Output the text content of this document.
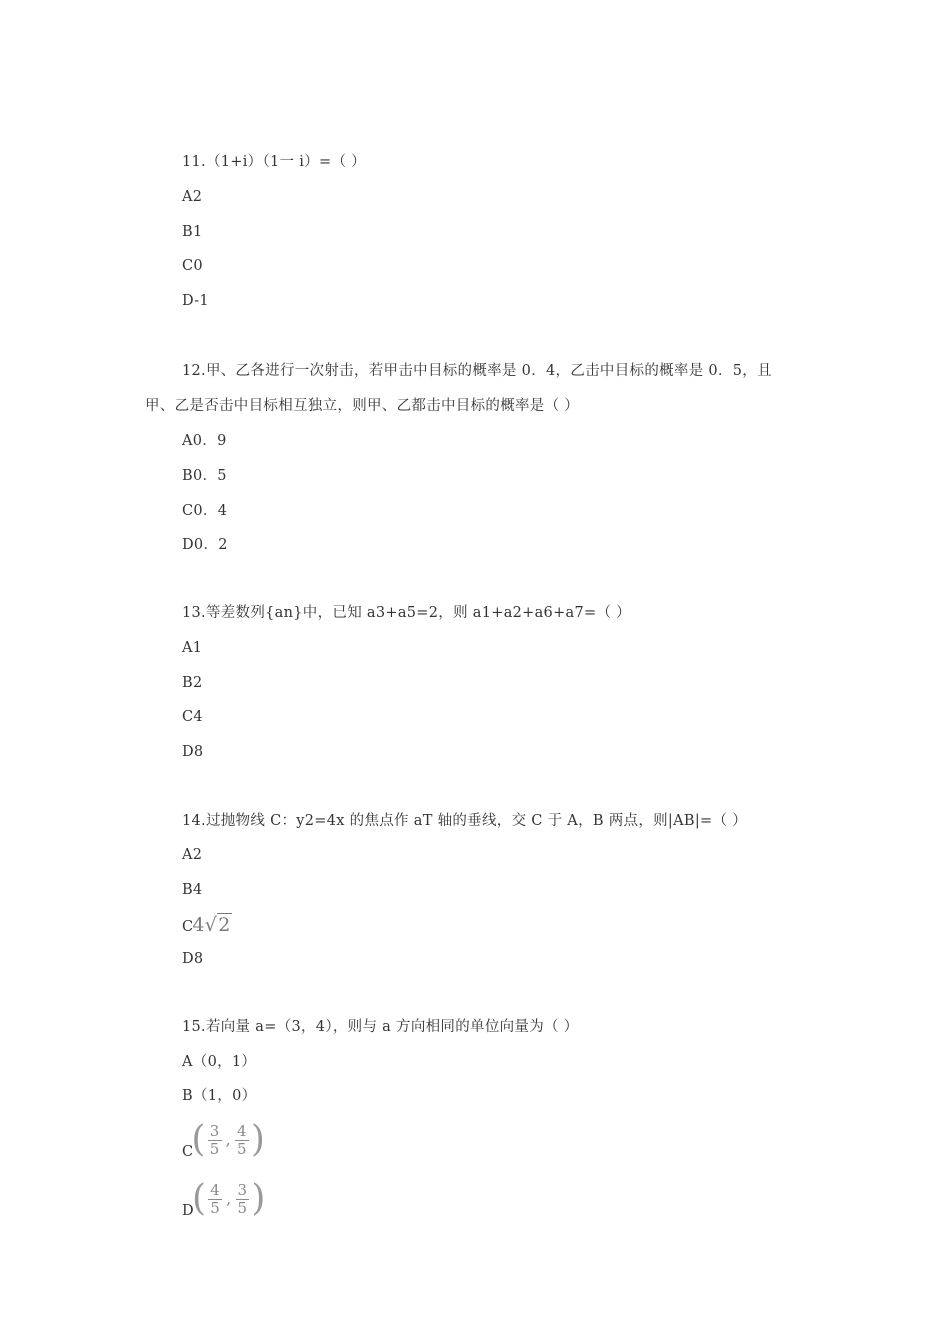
11.（1+i）（1一 i）=（ ）
A2
B1
C0
D-1
12.甲、乙各进行一次射击，若甲击中目标的概率是 0．4，乙击中目标的概率是 0．5，且
甲、乙是否击中目标相互独立，则甲、乙都击中目标的概率是（ ）
A0．9
B0．5
C0．4
D0．2
13.等差数列{an}中，已知 a3+a5=2，则 a1+a2+a6+a7=（ ）
A1
B2
C4
D8
14.过抛物线 C：y2=4x 的焦点作 aT 轴的垂线，交 C 于 A，B 两点，则|AB|=（ ）
A2
B4
C 4√2
D8
15.若向量 a=（3，4），则与 a 方向相同的单位向量为（ ）
A（0，1）
B（1，0）
C
( $\frac{3}{5}$ , $\frac{4}{5}$ )
D
( $\frac{4}{5}$ , $\frac{3}{5}$ )
